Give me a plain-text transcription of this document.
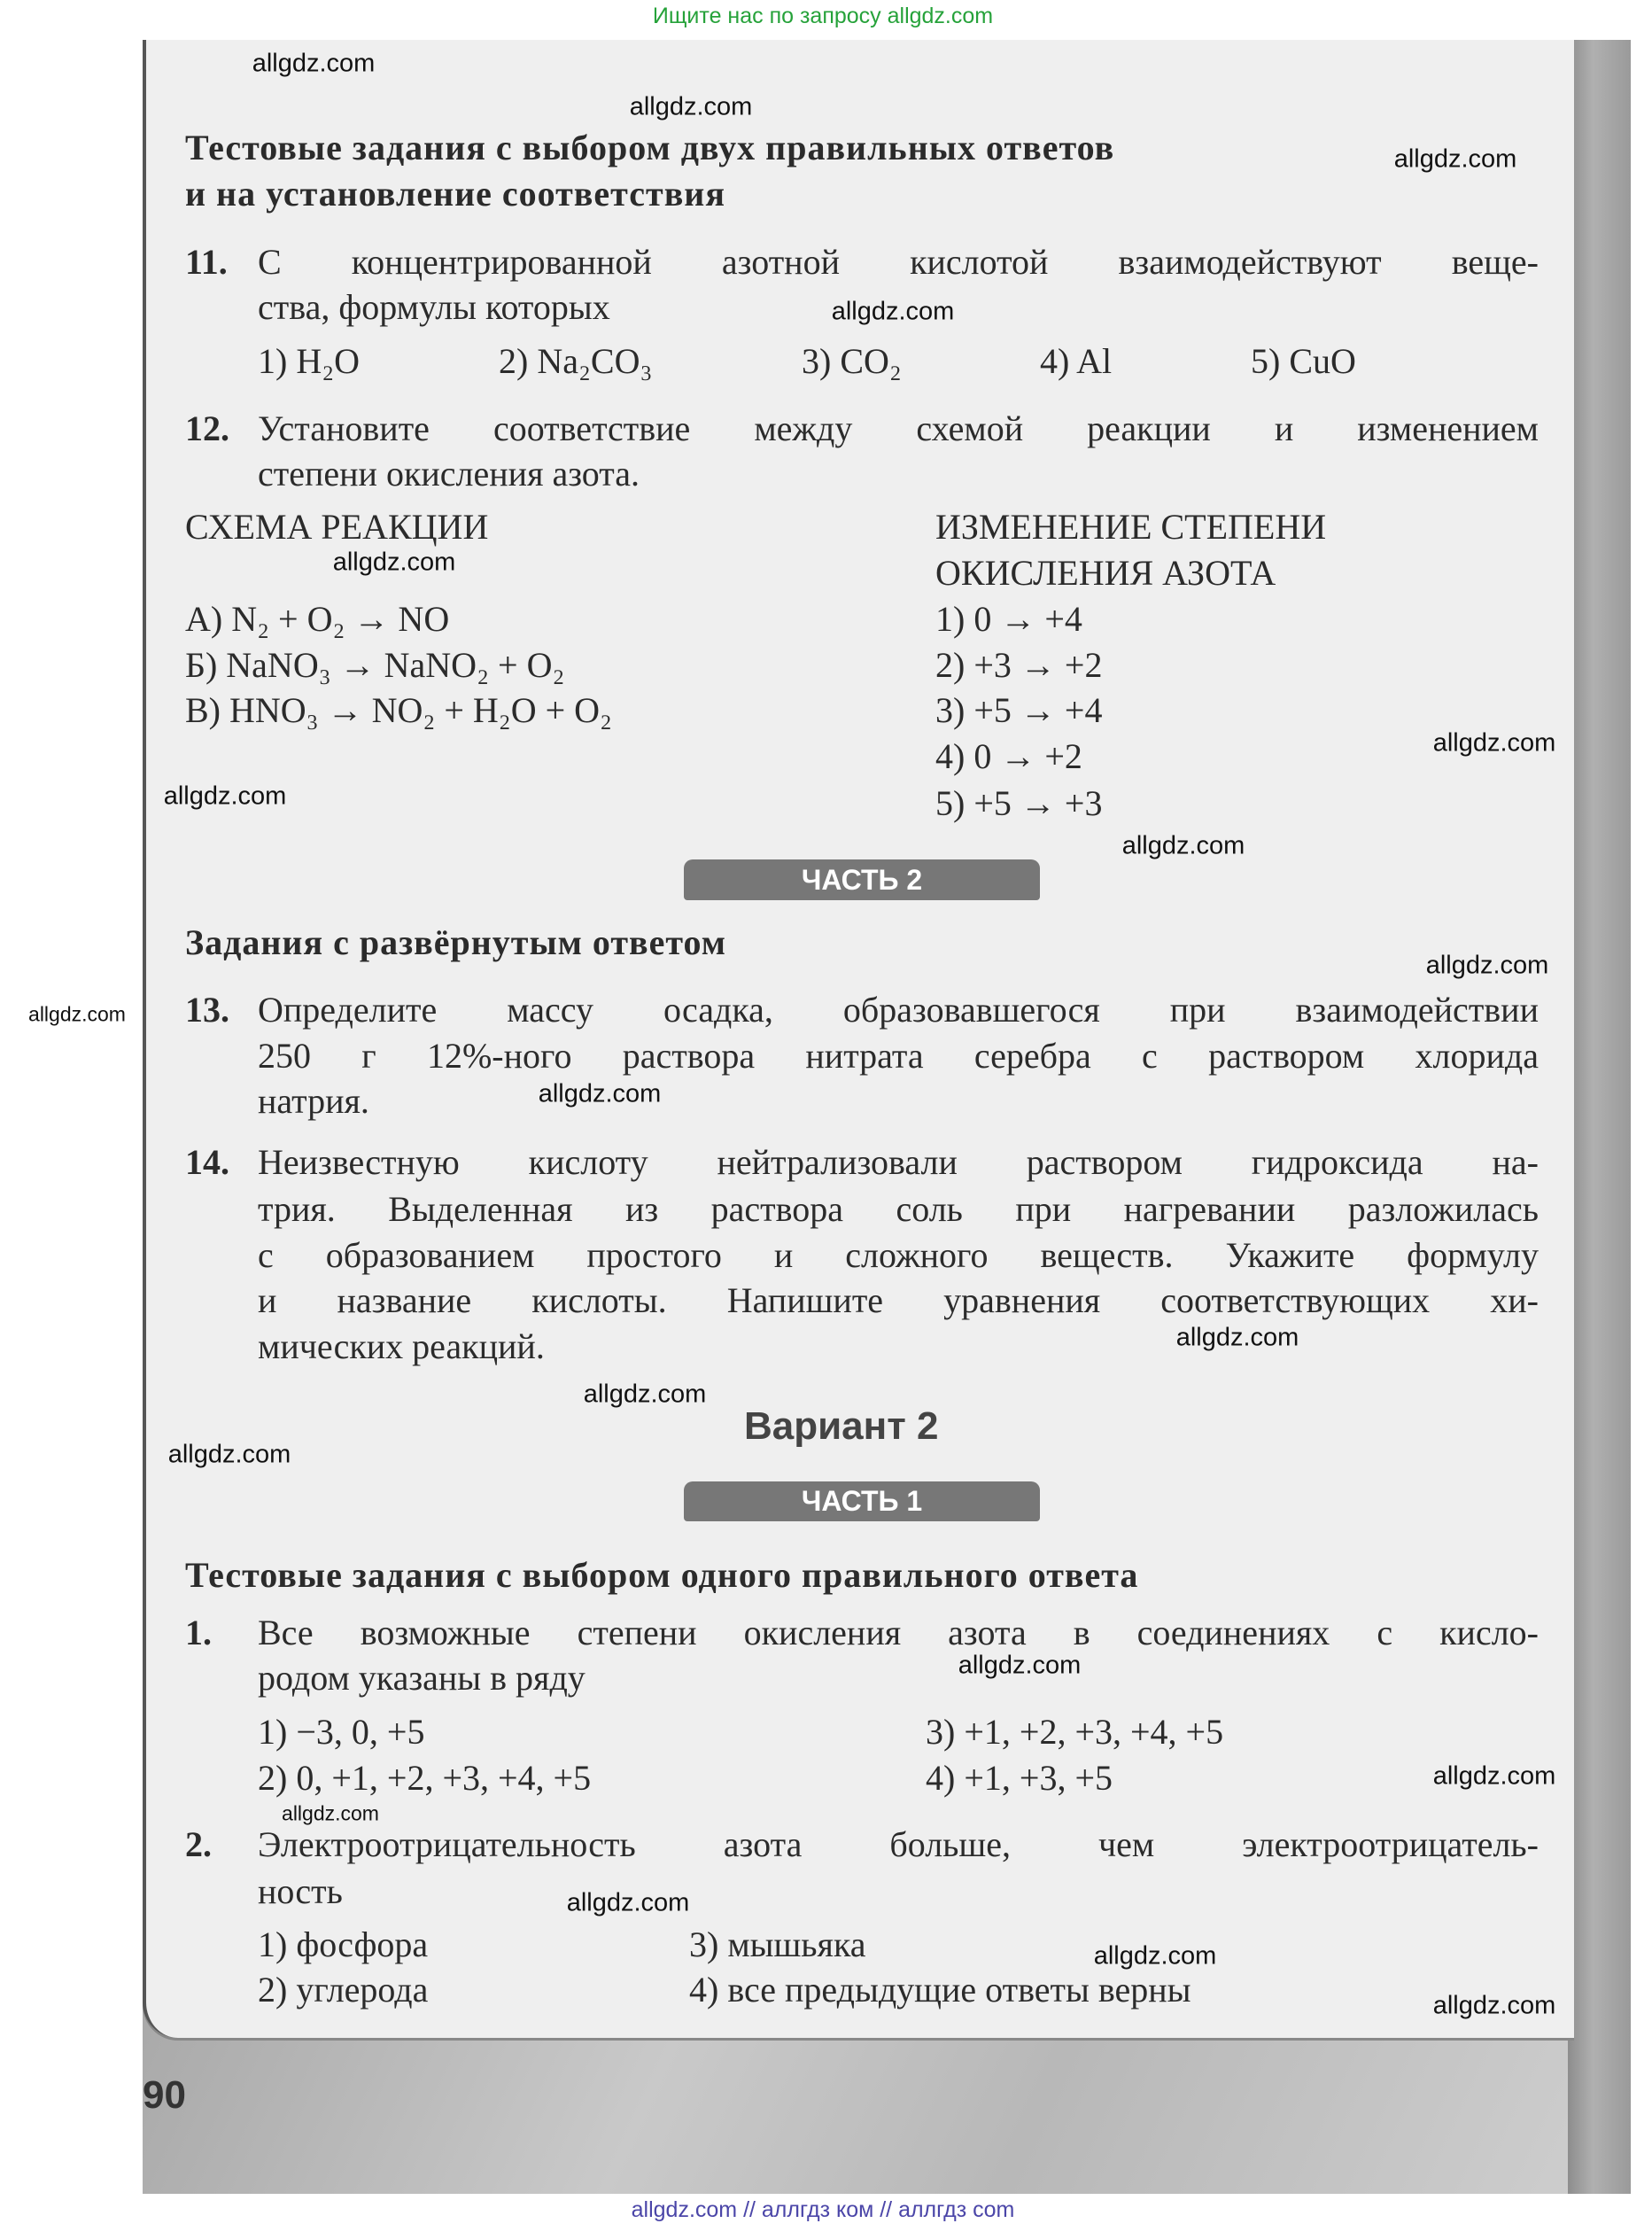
Ищите нас по запросу allgdz.com
Тестовые задания с выбором двух правильных ответов
и на установление соответствия
11. С концентрированной азотной кислотой взаимодействуют веще-
ства, формулы которых
1) H₂O	2) Na₂CO₃	3) CO₂	4) Al	5) CuO
12. Установите соответствие между схемой реакции и изменением
степени окисления азота.
СХЕМА РЕАКЦИИ	ИЗМЕНЕНИЕ СТЕПЕНИ
ОКИСЛЕНИЯ АЗОТА
А) N₂ + O₂ → NO
Б) NaNO₃ → NaNO₂ + O₂
В) HNO₃ → NO₂ + H₂O + O₂
1) 0 → +4
2) +3 → +2
3) +5 → +4
4) 0 → +2
5) +5 → +3
ЧАСТЬ 2
Задания с развёрнутым ответом
13. Определите массу осадка, образовавшегося при взаимодействии
250 г 12%-ного раствора нитрата серебра с раствором хлорида
натрия.
14. Неизвестную кислоту нейтрализовали раствором гидроксида на-
трия. Выделенная из раствора соль при нагревании разложилась
с образованием простого и сложного веществ. Укажите формулу
и название кислоты. Напишите уравнения соответствующих хи-
мических реакций.
Вариант 2
ЧАСТЬ 1
Тестовые задания с выбором одного правильного ответа
1. Все возможные степени окисления азота в соединениях с кисло-
родом указаны в ряду
1) −3, 0, +5
2) 0, +1, +2, +3, +4, +5
3) +1, +2, +3, +4, +5
4) +1, +3, +5
2. Электроотрицательность азота больше, чем электроотрицатель-
ность
1) фосфора
2) углерода
3) мышьяка
4) все предыдущие ответы верны
90
allgdz.com
allgdz.com
allgdz.com
allgdz.com
allgdz.com
allgdz.com
allgdz.com
allgdz.com
allgdz.com
allgdz.com
allgdz.com
allgdz.com
allgdz.com
allgdz.com
allgdz.com
allgdz.com
allgdz.com
allgdz.com
allgdz.com
allgdz.com
allgdz.com // аллгдз ком // аллгдз com
